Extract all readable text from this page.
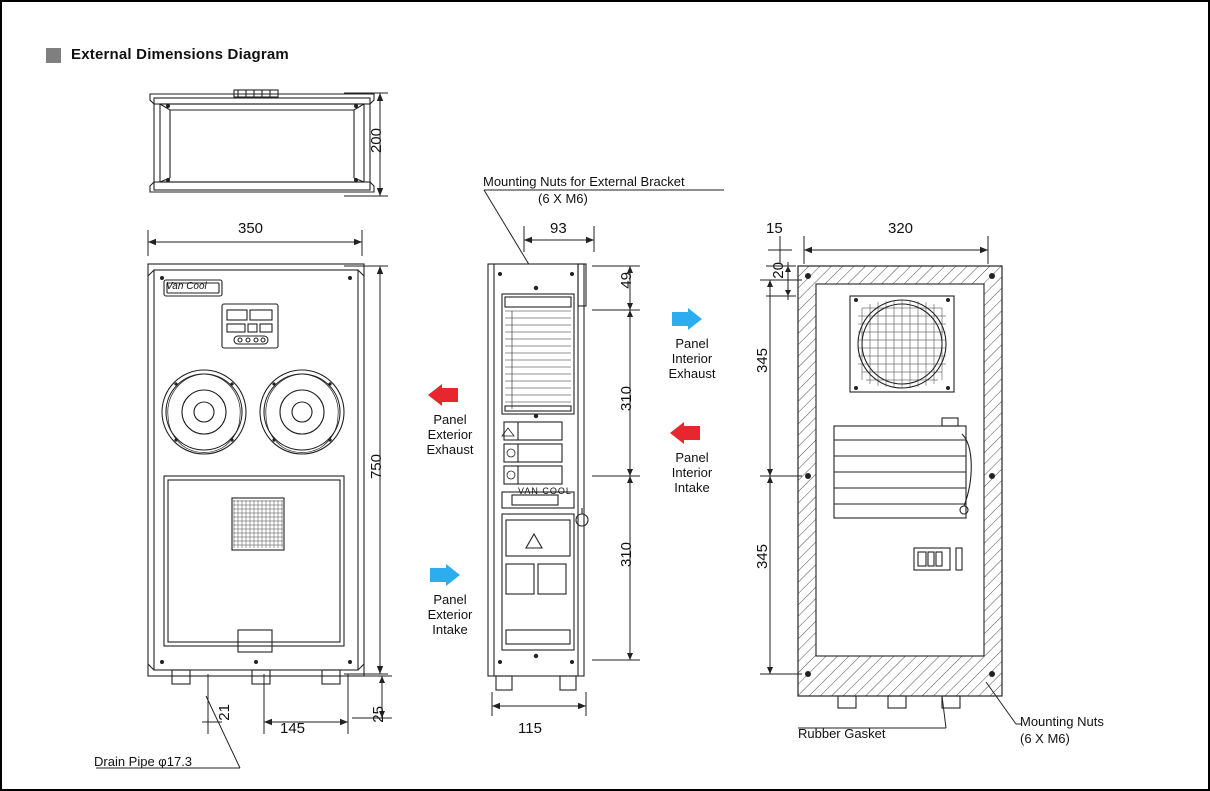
External Dimensions Diagram
200
350
Van Cool
750
21
145
25
Drain Pipe φ17.3
Panel
Exterior
Exhaust
Panel
Exterior
Intake
Mounting Nuts for External Bracket
(6 X M6)
93
VAN COOL
49
310
310
115
Panel
Interior
Exhaust
Panel
Interior
Intake
15	320
20
345
345
Rubber Gasket
Mounting Nuts
(6 X M6)
